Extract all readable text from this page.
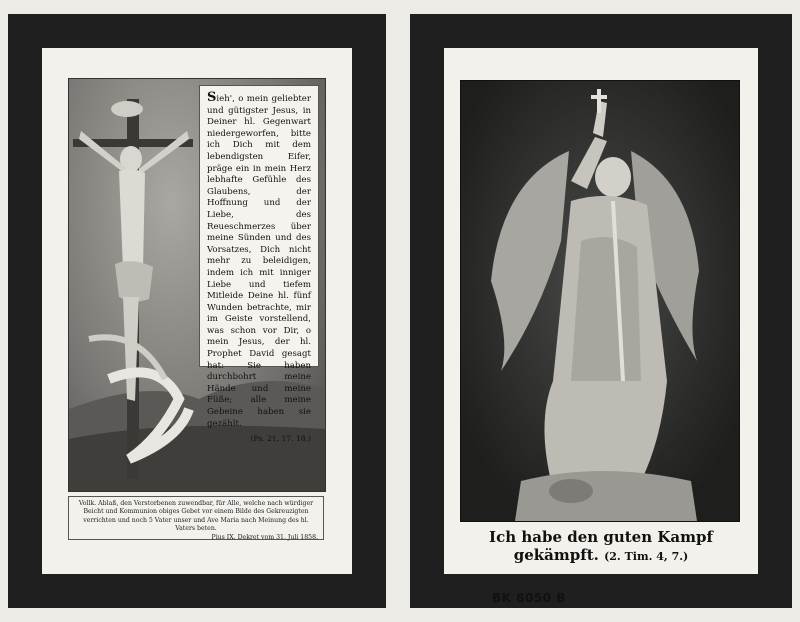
Sieh', o mein geliebter und gütigster Jesus, in Deiner hl. Gegenwart niedergeworfen, bitte ich Dich mit dem lebendigsten Eifer, präge ein in mein Herz lebhafte Gefühle des Glaubens, der Hoffnung und der Liebe, des Reueschmerzes über meine Sünden und des Vorsatzes, Dich nicht mehr zu beleidigen, indem ich mit inniger Liebe und tiefem Mitleide Deine hl. fünf Wunden betrachte, mir im Geiste vorstellend, was schon vor Dir, o mein Jesus, der hl. Prophet David gesagt hat: Sie haben durchbohrt meine Hände und meine Füße; alle meine Gebeine haben sie gezählt.
(Ps. 21, 17. 18.)
Vollk. Ablaß, den Verstorbenen zuwendbar, für Alle, welche nach würdiger Beicht und Kommunion obiges Gebet vor einem Bilde des Gekreuzigten verrichten und noch 5 Vater unser und Ave Maria nach Meinung des hl. Vaters beten.
Pius IX. Dekret vom 31. Juli 1858.	Ich habe den guten Kampf
gekämpft. (2. Tim. 4, 7.)
BK 8050 B
